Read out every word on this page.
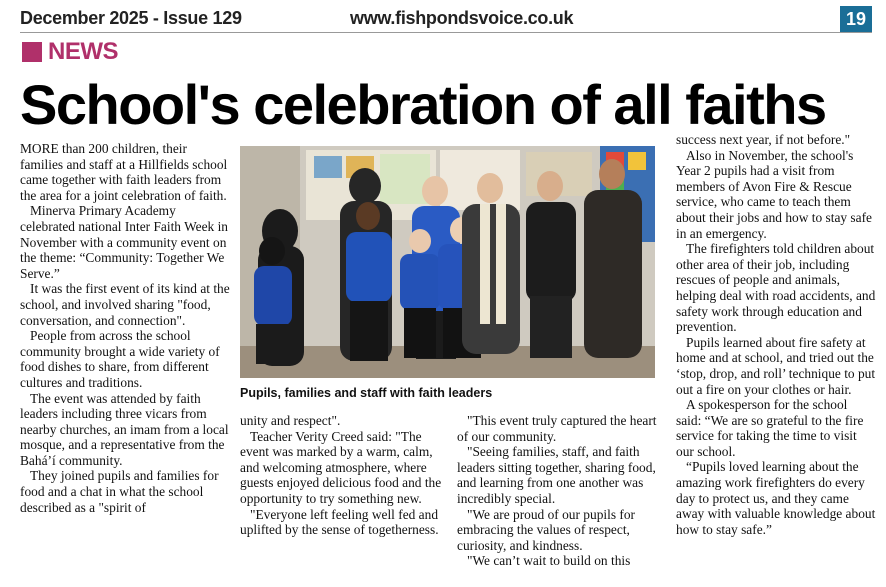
December 2025 - Issue 129	www.fishpondsvoice.co.uk	19
NEWS
School's celebration of all faiths

MORE than 200 children, their families and staff at a Hillfields school came together with faith leaders from the area for a joint celebration of faith.

Minerva Primary Academy celebrated national Inter Faith Week in November with a community event on the theme: “Community: Together We Serve.”

It was the first event of its kind at the school, and involved sharing "food, conversation, and connection".

People from across the school community brought a wide variety of food dishes to share, from different cultures and traditions.

The event was attended by faith leaders including three vicars from nearby churches, an imam from a local mosque, and a representative from the Bahá’í community.

They joined pupils and families for food and a chat in what the school described as a "spirit of

Pupils, families and staff with faith leaders

unity and respect".

Teacher Verity Creed said: "The event was marked by a warm, calm, and welcoming atmosphere, where guests enjoyed delicious food and the opportunity to try something new.

"Everyone left feeling well fed and uplifted by the sense of togetherness.

"This event truly captured the heart of our community.

"Seeing families, staff, and faith leaders sitting together, sharing food, and learning from one another was incredibly special.

"We are proud of our pupils for embracing the values of respect, curiosity, and kindness.

"We can’t wait to build on this

success next year, if not before."

Also in November, the school's Year 2 pupils had a visit from members of Avon Fire & Rescue service, who came to teach them about their jobs and how to stay safe in an emergency.

The firefighters told children about other area of their job, including rescues of people and animals, helping deal with road accidents, and safety work through education and prevention.

Pupils learned about fire safety at home and at school, and tried out the ‘stop, drop, and roll’ technique to put out a fire on your clothes or hair.

A spokesperson for the school said: “We are so grateful to the fire service for taking the time to visit our school.

“Pupils loved learning about the amazing work firefighters do every day to protect us, and they came away with valuable knowledge about how to stay safe.”
